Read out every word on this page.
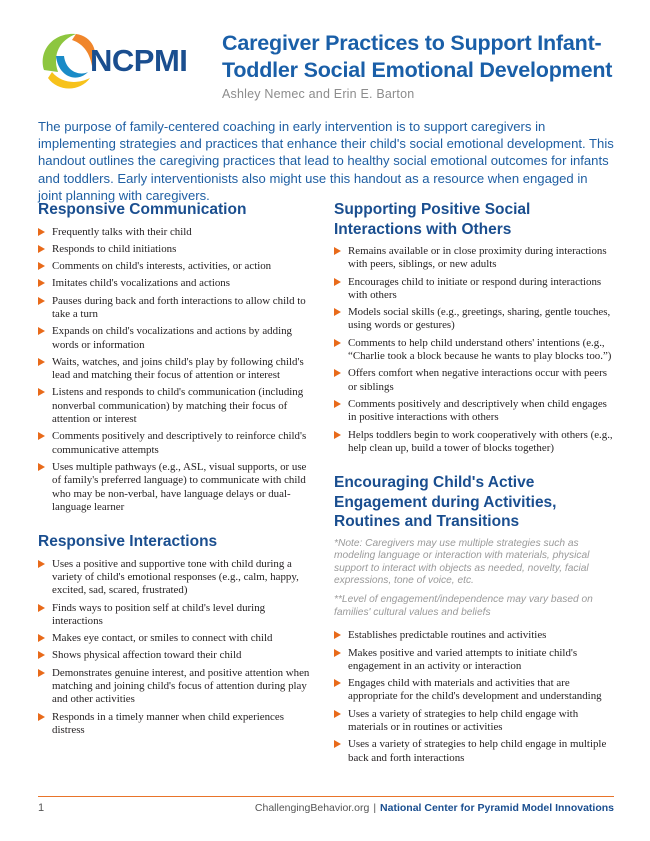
NCPMI Caregiver Practices to Support Infant-Toddler Social Emotional Development
Ashley Nemec and Erin E. Barton

The purpose of family-centered coaching in early intervention is to support caregivers in implementing strategies and practices that enhance their child's social emotional development. This handout outlines the caregiving practices that lead to healthy social emotional outcomes for infants and toddlers. Early interventionists also might use this handout as a resource when engaged in joint planning with caregivers.

Responsive Communication
Frequently talks with their child
Responds to child initiations
Comments on child's interests, activities, or action
Imitates child's vocalizations and actions
Pauses during back and forth interactions to allow child to take a turn
Expands on child's vocalizations and actions by adding words or information
Waits, watches, and joins child's play by following child's lead and matching their focus of attention or interest
Listens and responds to child's communication (including nonverbal communication) by matching their focus of attention or interest
Comments positively and descriptively to reinforce child's communicative attempts
Uses multiple pathways (e.g., ASL, visual supports, or use of family's preferred language) to communicate with child who may be non-verbal, have language delays or dual-language learner
Responsive Interactions
Uses a positive and supportive tone with child during a variety of child's emotional responses (e.g., calm, happy, excited, sad, scared, frustrated)
Finds ways to position self at child's level during interactions
Makes eye contact, or smiles to connect with child
Shows physical affection toward their child
Demonstrates genuine interest, and positive attention when matching and joining child's focus of attention during play and other activities
Responds in a timely manner when child experiences distress
Supporting Positive Social Interactions with Others
Remains available or in close proximity during interactions with peers, siblings, or new adults
Encourages child to initiate or respond during interactions with others
Models social skills (e.g., greetings, sharing, gentle touches, using words or gestures)
Comments to help child understand others' intentions (e.g., “Charlie took a block because he wants to play blocks too.”)
Offers comfort when negative interactions occur with peers or siblings
Comments positively and descriptively when child engages in positive interactions with others
Helps toddlers begin to work cooperatively with others (e.g., help clean up, build a tower of blocks together)
Encouraging Child's Active Engagement during Activities, Routines and Transitions

*Note: Caregivers may use multiple strategies such as modeling language or interaction with materials, physical support to interact with objects as needed, novelty, facial expressions, tone of voice, etc.

**Level of engagement/independence may vary based on families' cultural values and beliefs

Establishes predictable routines and activities
Makes positive and varied attempts to initiate child's engagement in an activity or interaction
Engages child with materials and activities that are appropriate for the child's development and understanding
Uses a variety of strategies to help child engage with materials or in routines or activities
Uses a variety of strategies to help child engage in multiple back and forth interactions
1	ChallengingBehavior.org | National Center for Pyramid Model Innovations
